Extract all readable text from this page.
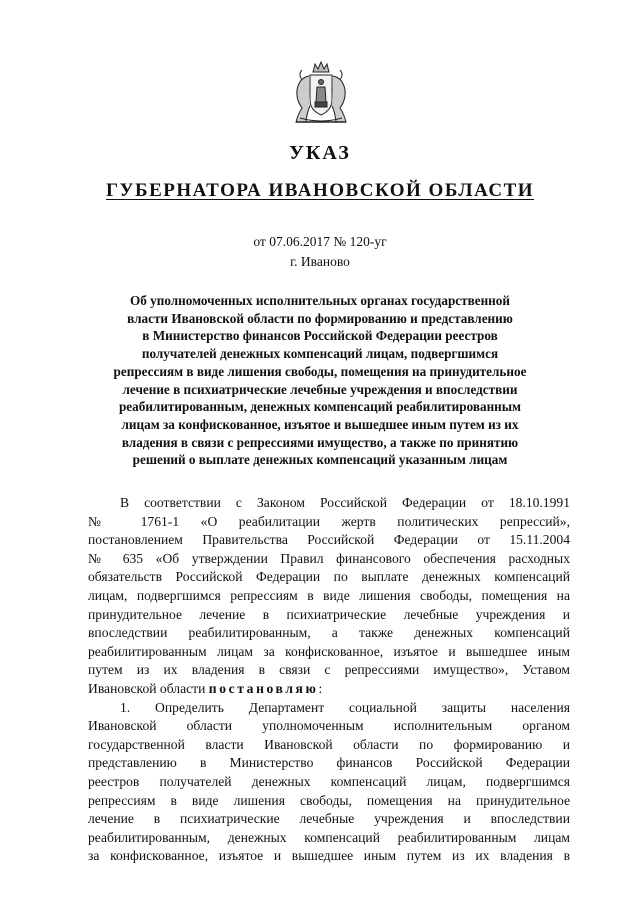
УКАЗ
ГУБЕРНАТОРА ИВАНОВСКОЙ ОБЛАСТИ
от 07.06.2017 № 120-уг
г. Иваново
Об уполномоченных исполнительных органах государственной
власти Ивановской области по формированию и представлению
в Министерство финансов Российской Федерации реестров
получателей денежных компенсаций лицам, подвергшимся
репрессиям в виде лишения свободы, помещения на принудительное
лечение в психиатрические лечебные учреждения и впоследствии
реабилитированным, денежных компенсаций реабилитированным
лицам за конфискованное, изъятое и вышедшее иным путем из их
владения в связи с репрессиями имущество, а также по принятию
решений о выплате денежных компенсаций указанным лицам
В соответствии с Законом Российской Федерации от 18.10.1991
№ 1761-1 «О реабилитации жертв политических репрессий»,
постановлением Правительства Российской Федерации от 15.11.2004
№ 635 «Об утверждении Правил финансового обеспечения расходных
обязательств Российской Федерации по выплате денежных компенсаций
лицам, подвергшимся репрессиям в виде лишения свободы, помещения на
принудительное лечение в психиатрические лечебные учреждения и
впоследствии реабилитированным, а также денежных компенсаций
реабилитированным лицам за конфискованное, изъятое и вышедшее иным
путем из их владения в связи с репрессиями имущество», Уставом
Ивановской области постановляю:
1. Определить Департамент социальной защиты населения
Ивановской области уполномоченным исполнительным органом
государственной власти Ивановской области по формированию и
представлению в Министерство финансов Российской Федерации
реестров получателей денежных компенсаций лицам, подвергшимся
репрессиям в виде лишения свободы, помещения на принудительное
лечение в психиатрические лечебные учреждения и впоследствии
реабилитированным, денежных компенсаций реабилитированным лицам
за конфискованное, изъятое и вышедшее иным путем из их владения в
